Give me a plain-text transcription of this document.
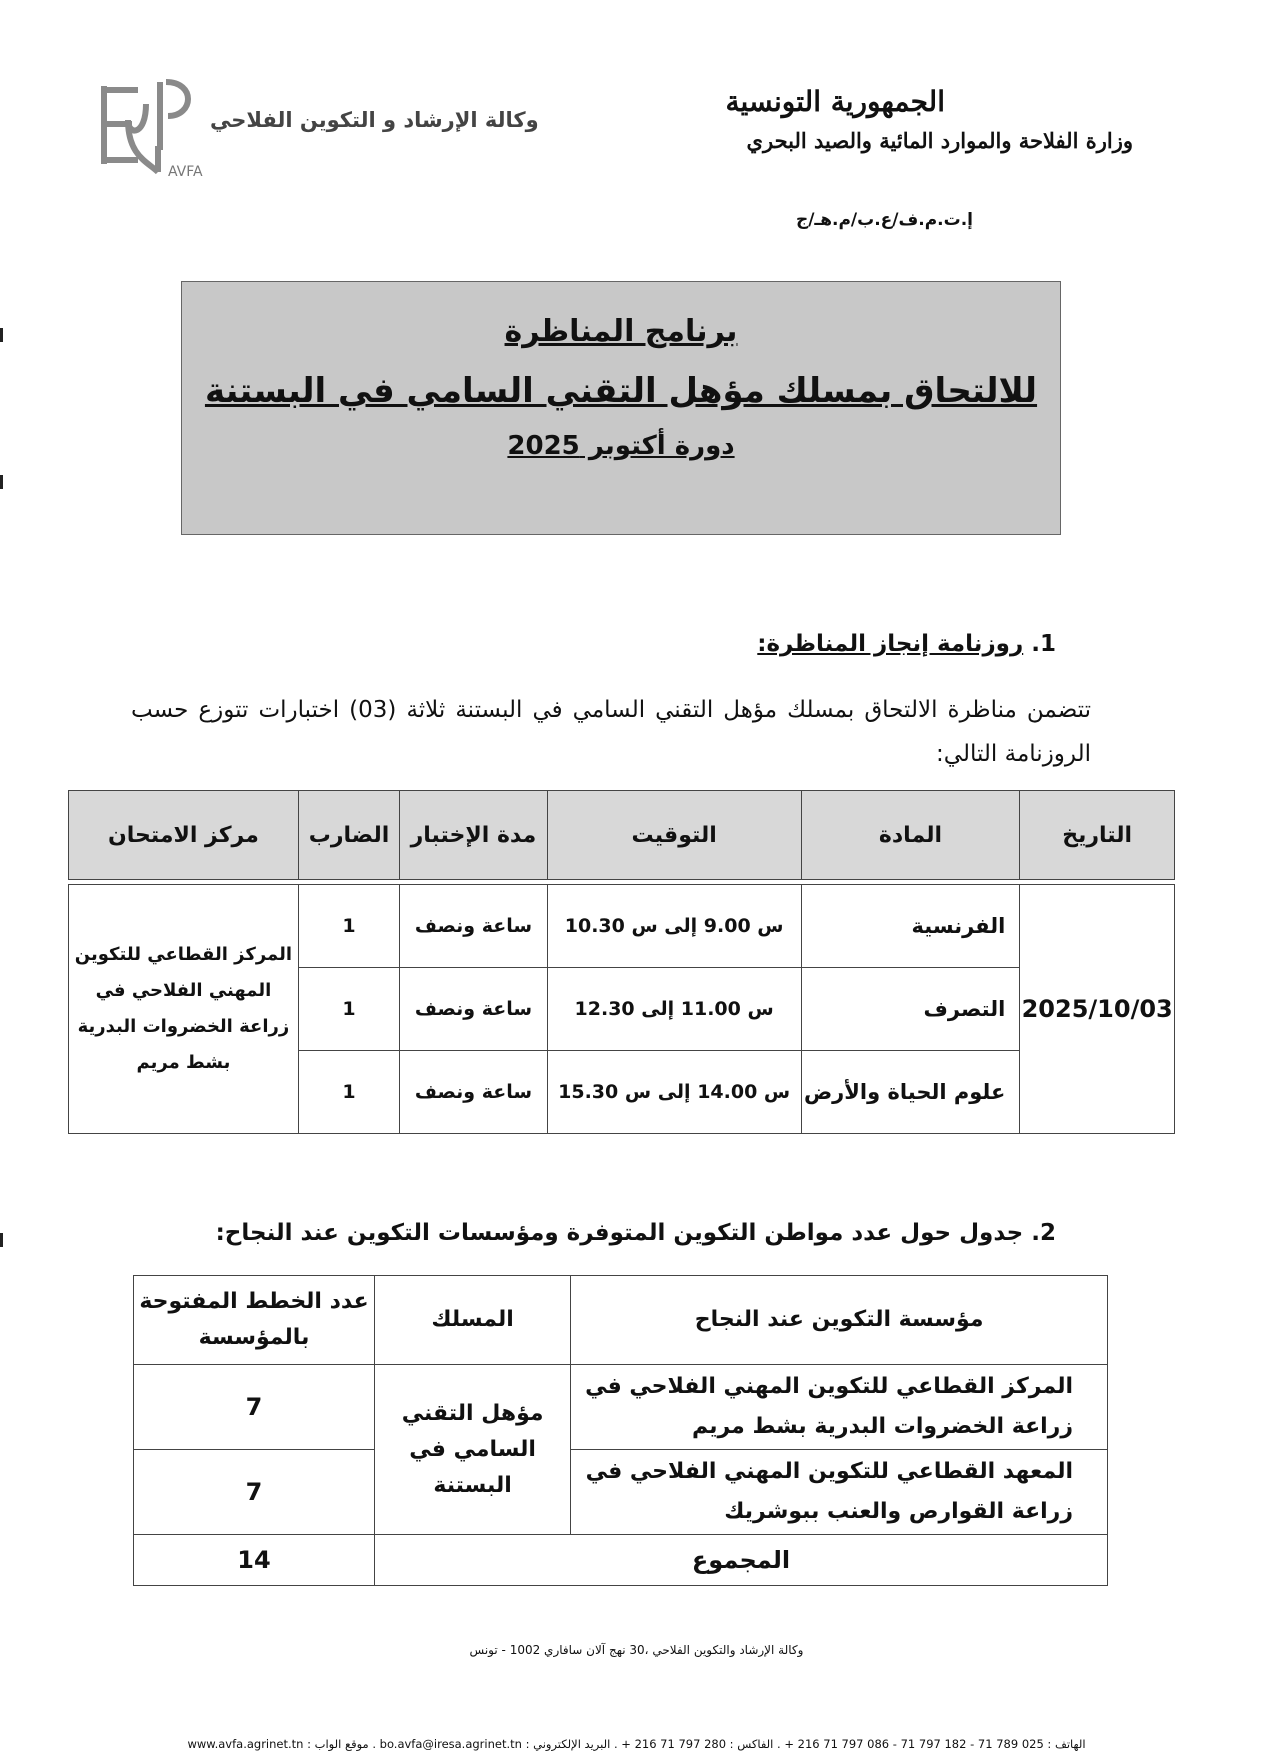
AVFA
وكالة الإرشاد و التكوين الفلاحي
الجمهورية التونسية
وزارة الفلاحة والموارد المائية والصيد البحري
إ.ت.م.ف/ع.ب/م.هـ/ج
برنامج المناظرة
للالتحاق بمسلك مؤهل التقني السامي في البستنة
دورة أكتوبر 2025
1. روزنامة إنجاز المناظرة:
تتضمن مناظرة الالتحاق بمسلك مؤهل التقني السامي في البستنة ثلاثة (03) اختبارات تتوزع حسب الروزنامة التالي:
التاريخ	المادة	التوقيت	مدة الإختبار	الضارب	مركز الامتحان

2025/10/03	الفرنسية	س 9.00 إلى س 10.30	ساعة ونصف	1	المركز القطاعي للتكوين المهني الفلاحي في زراعة الخضروات البدرية بشط مريم
	التصرف	س 11.00 إلى 12.30	ساعة ونصف	1	
	علوم الحياة والأرض	س 14.00 إلى س 15.30	ساعة ونصف	1	
2. جدول حول عدد مواطن التكوين المتوفرة ومؤسسات التكوين عند النجاح:
مؤسسة التكوين عند النجاح	المسلك	عدد الخطط المفتوحة بالمؤسسة
المركز القطاعي للتكوين المهني الفلاحي في زراعة الخضروات البدرية بشط مريم	مؤهل التقني السامي في البستنة	7
المعهد القطاعي للتكوين المهني الفلاحي في زراعة القوارص والعنب ببوشريك		7
المجموع		14
وكالة الإرشاد والتكوين الفلاحي ،30 نهج آلان سافاري 1002 - تونس
الهاتف : 025 789 71 - 182 797 71 - 086 797 71 216 + . الفاكس : 280 797 71 216 + . البريد الإلكتروني : bo.avfa@iresa.agrinet.tn . موقع الواب : www.avfa.agrinet.tn
